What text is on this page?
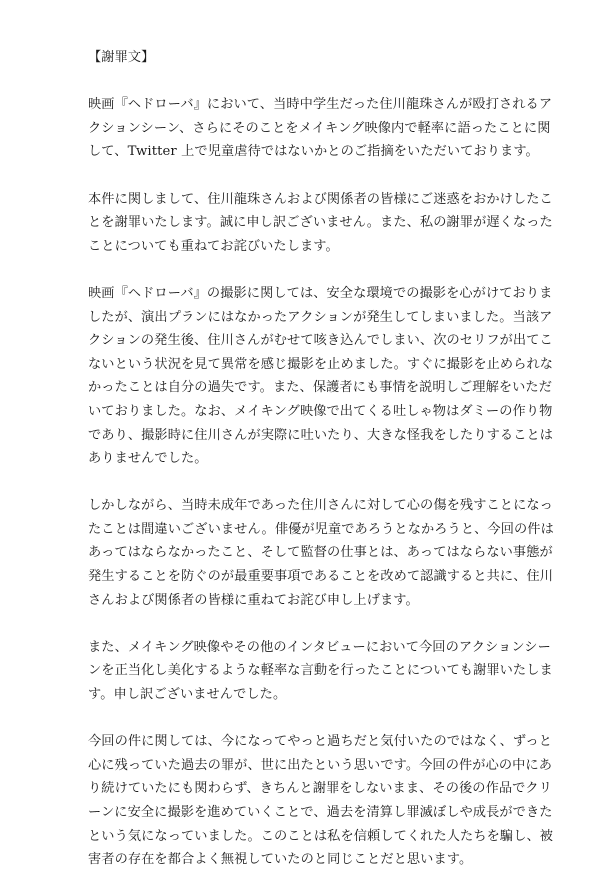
【謝罪文】
映画『ヘドローバ』において、当時中学生だった住川龍珠さんが殴打されるア
クションシーン、さらにそのことをメイキング映像内で軽率に語ったことに関
して、Twitter 上で児童虐待ではないかとのご指摘をいただいております。
本件に関しまして、住川龍珠さんおよび関係者の皆様にご迷惑をおかけしたこ
とを謝罪いたします。誠に申し訳ございません。また、私の謝罪が遅くなった
ことについても重ねてお詫びいたします。
映画『ヘドローバ』の撮影に関しては、安全な環境での撮影を心がけておりま
したが、演出プランにはなかったアクションが発生してしまいました。当該ア
クションの発生後、住川さんがむせて咳き込んでしまい、次のセリフが出てこ
ないという状況を見て異常を感じ撮影を止めました。すぐに撮影を止められな
かったことは自分の過失です。また、保護者にも事情を説明しご理解をいただ
いておりました。なお、メイキング映像で出てくる吐しゃ物はダミーの作り物
であり、撮影時に住川さんが実際に吐いたり、大きな怪我をしたりすることは
ありませんでした。
しかしながら、当時未成年であった住川さんに対して心の傷を残すことになっ
たことは間違いございません。俳優が児童であろうとなかろうと、今回の件は
あってはならなかったこと、そして監督の仕事とは、あってはならない事態が
発生することを防ぐのが最重要事項であることを改めて認識すると共に、住川
さんおよび関係者の皆様に重ねてお詫び申し上げます。
また、メイキング映像やその他のインタビューにおいて今回のアクションシー
ンを正当化し美化するような軽率な言動を行ったことについても謝罪いたしま
す。申し訳ございませんでした。
今回の件に関しては、今になってやっと過ちだと気付いたのではなく、ずっと
心に残っていた過去の罪が、世に出たという思いです。今回の件が心の中にあ
り続けていたにも関わらず、きちんと謝罪をしないまま、その後の作品でクリ
ーンに安全に撮影を進めていくことで、過去を清算し罪滅ぼしや成長ができた
という気になっていました。このことは私を信頼してくれた人たちを騙し、被
害者の存在を都合よく無視していたのと同じことだと思います。
